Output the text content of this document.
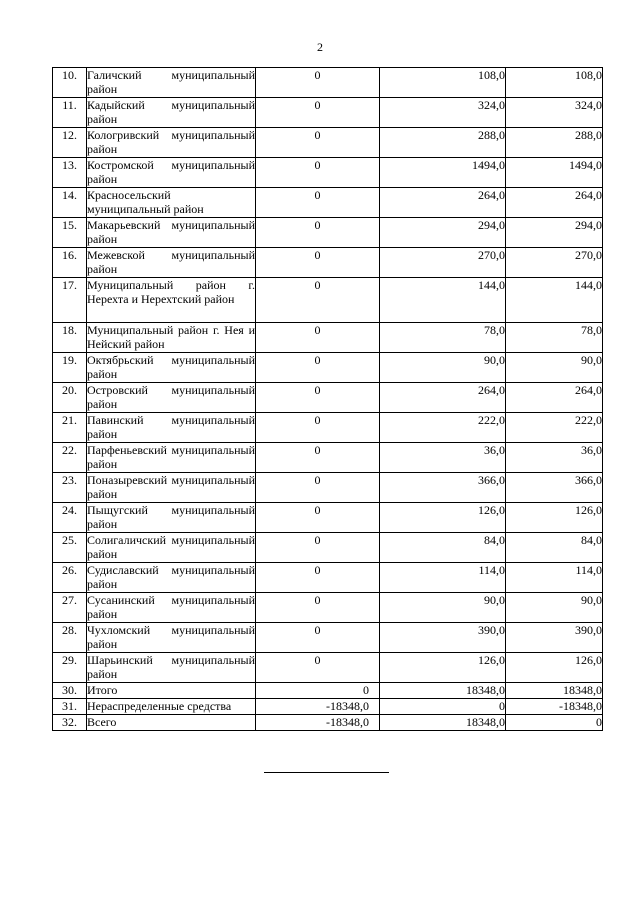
2
10.	Галичский муниципальный район	0	108,0	108,0
11.	Кадыйский муниципальный район	0	324,0	324,0
12.	Кологривский муниципальный район	0	288,0	288,0
13.	Костромской муниципальный район	0	1494,0	1494,0
14.	Красносельский муниципальный район	0	264,0	264,0
15.	Макарьевский муниципальный район	0	294,0	294,0
16.	Межевской муниципальный район	0	270,0	270,0
17.	Муниципальный район г. Нерехта и Нерехтский район	0	144,0	144,0
18.	Муниципальный район г. Нея и Нейский район	0	78,0	78,0
19.	Октябрьский муниципальный район	0	90,0	90,0
20.	Островский муниципальный район	0	264,0	264,0
21.	Павинский муниципальный район	0	222,0	222,0
22.	Парфеньевский муниципальный район	0	36,0	36,0
23.	Поназыревский муниципальный район	0	366,0	366,0
24.	Пыщугский муниципальный район	0	126,0	126,0
25.	Солигаличский муниципальный район	0	84,0	84,0
26.	Судиславский муниципальный район	0	114,0	114,0
27.	Сусанинский муниципальный район	0	90,0	90,0
28.	Чухломский муниципальный район	0	390,0	390,0
29.	Шарьинский муниципальный район	0	126,0	126,0
30.	Итого	0	18348,0	18348,0
31.	Нераспределенные средства	-18348,0	0	-18348,0
32.	Всего	-18348,0	18348,0	0
